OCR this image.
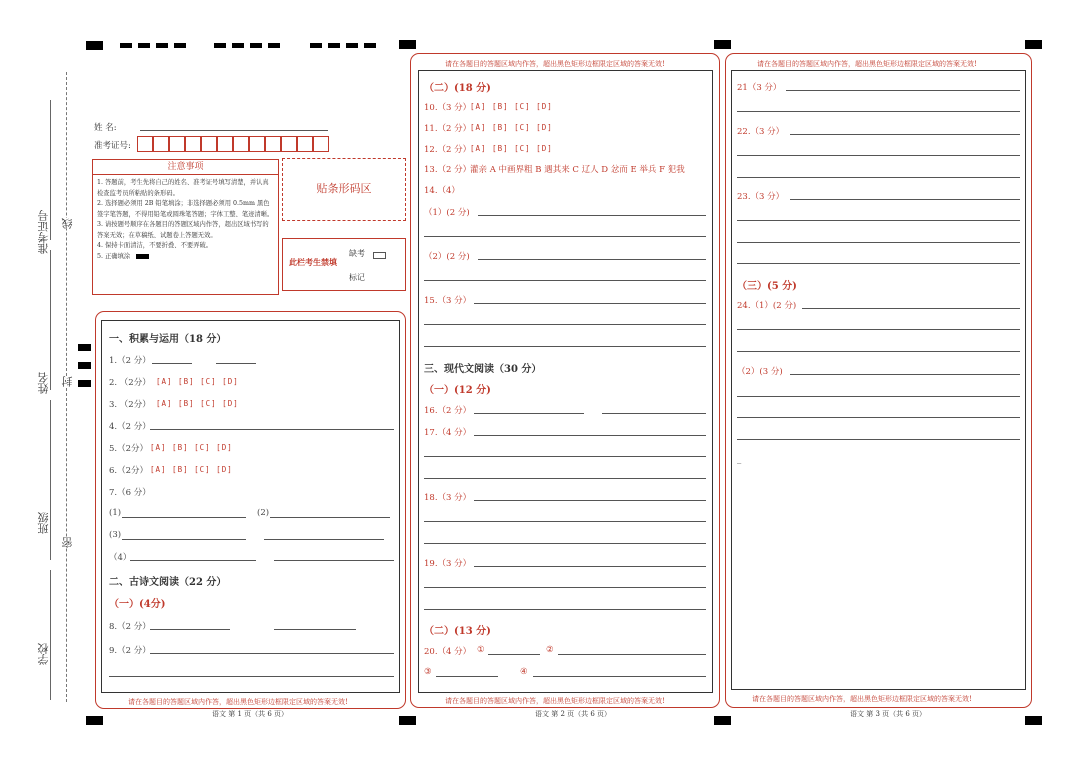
准考证号
姓名
班级
学校
线
封
密
姓 名:
准考证号:
注意事项
1. 答题前，考生先将自己的姓名、准考证号填写清楚，并认真检查监考员所粘贴的条形码。
2. 选择题必须用 2B 铅笔填涂；非选择题必须用 0.5mm 黑色签字笔答题，不得用铅笔或圆珠笔答题；字体工整、笔迹清晰。
3. 请按题号顺序在各题目的答题区域内作答，超出区域书写的答案无效；在草稿纸、试题卷上答题无效。
4. 保持卡面清洁，不要折叠、不要弄破。
5. 正确填涂
贴条形码区
此栏考生禁填
缺考
标记
请在各题目的答题区域内作答，超出黑色矩形边框限定区域的答案无效!
语文 第 1 页（共 6 页）
一、积累与运用（18 分）
1.（2 分）
2. （2分） [A] [B] [C] [D]
3. （2分） [A] [B] [C] [D]
4.（2 分）
5.（2分） [A] [B] [C] [D]
6.（2分） [A] [B] [C] [D]
7.（6 分）
(1)	(2)
(3)
（4）
二、古诗文阅读（22 分）
（一）(4分)
8.（2 分）
9.（2 分）
请在各题目的答题区域内作答，超出黑色矩形边框限定区域的答案无效!
请在各题目的答题区域内作答，超出黑色矩形边框限定区域的答案无效!
语文 第 2 页（共 6 页）
（二）(18 分)
10.（3 分）
[A] [B] [C] [D]
11.（2 分）
[A] [B] [C] [D]
12.（2 分）
[A] [B] [C] [D]
13.（2 分）
灌亲 A 中画界粗 B 遇其来 C 辽人 D 忿而 E 举兵 F 犯我
14.（4）
（1）(2 分)
（2）(2 分)
15.（3 分）
三、现代文阅读（30 分）
（一）(12 分)
16.（2 分）
17.（4 分）
18.（3 分）
19.（3 分）
（二）(13 分)
20.（4 分） ①	②
③	④
请在各题目的答题区域内作答，超出黑色矩形边框限定区域的答案无效!
请在各题目的答题区域内作答，超出黑色矩形边框限定区域的答案无效!
语文 第 3 页（共 6 页）
21（3 分）
22.（3 分）
23.（3 分）
（三）(5 分)
24.（1）(2 分)
（2）(3 分)
_
